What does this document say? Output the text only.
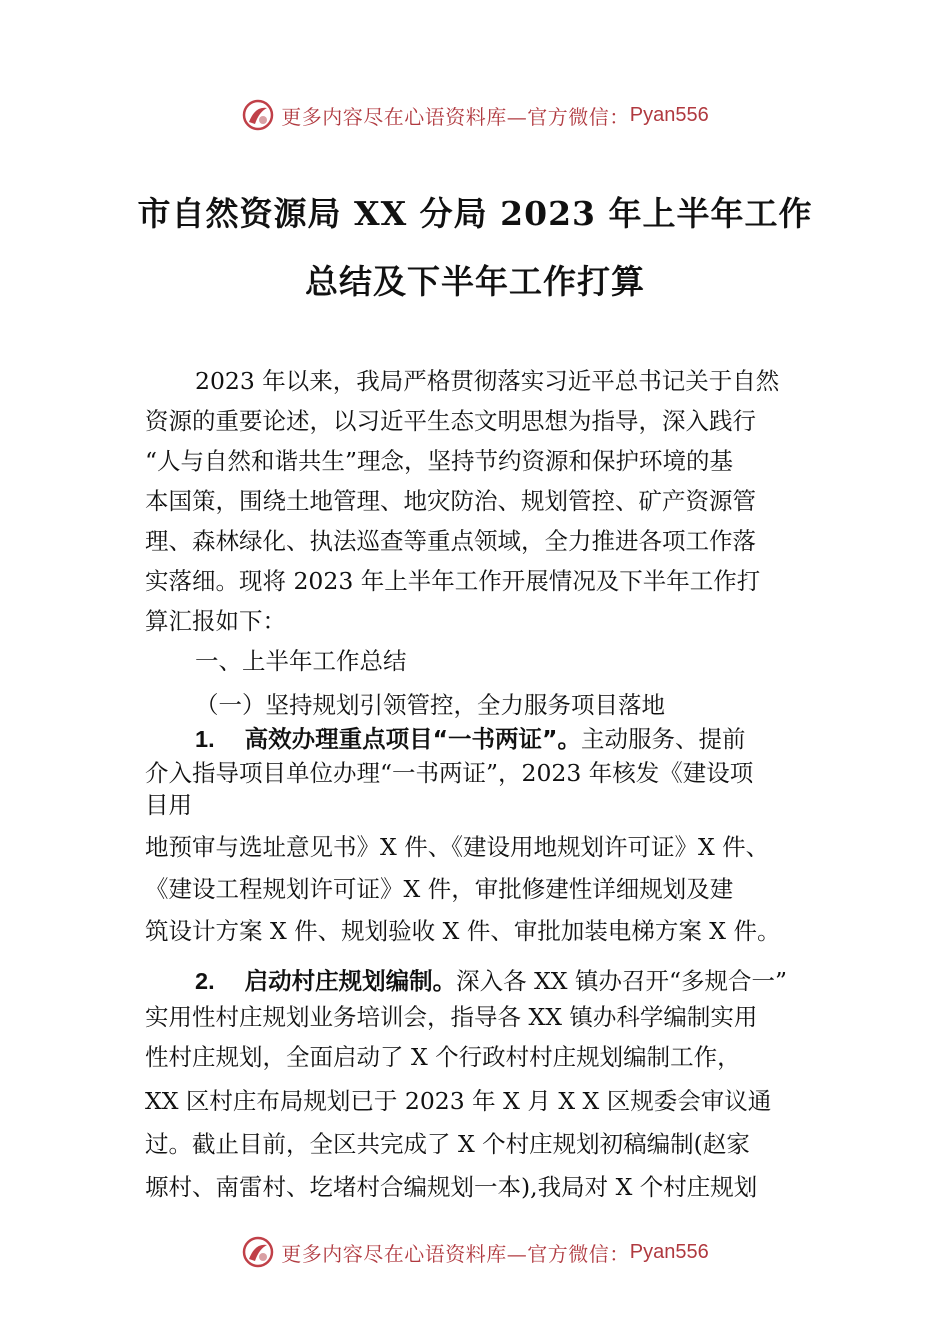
更多内容尽在心语资料库—官方微信： Pyan556
市自然资源局 XX 分局 2023 年上半年工作
总结及下半年工作打算
2023 年以来，我局严格贯彻落实习近平总书记关于自然
资源的重要论述，以习近平生态文明思想为指导，深入践行
“人与自然和谐共生”理念，坚持节约资源和保护环境的基
本国策，围绕土地管理、地灾防治、规划管控、矿产资源管
理、森林绿化、执法巡查等重点领域，全力推进各项工作落
实落细。现将 2023 年上半年工作开展情况及下半年工作打
算汇报如下：
一、上半年工作总结
（一）坚持规划引领管控，全力服务项目落地
1. 高效办理重点项目“一书两证”。主动服务、提前
介入指导项目单位办理“一书两证”，2023 年核发《建设项
目用
地预审与选址意见书》X 件、《建设用地规划许可证》X 件、
《建设工程规划许可证》X 件，审批修建性详细规划及建
筑设计方案 X 件、规划验收 X 件、审批加装电梯方案 X 件。
2. 启动村庄规划编制。深入各 XX 镇办召开“多规合一”
实用性村庄规划业务培训会，指导各 XX 镇办科学编制实用
性村庄规划，全面启动了 X 个行政村村庄规划编制工作，
XX 区村庄布局规划已于 2023 年 X 月 X X 区规委会审议通
过。截止目前，全区共完成了 X 个村庄规划初稿编制(赵家
塬村、南雷村、圪堵村合编规划一本),我局对 X 个村庄规划
更多内容尽在心语资料库—官方微信： Pyan556
